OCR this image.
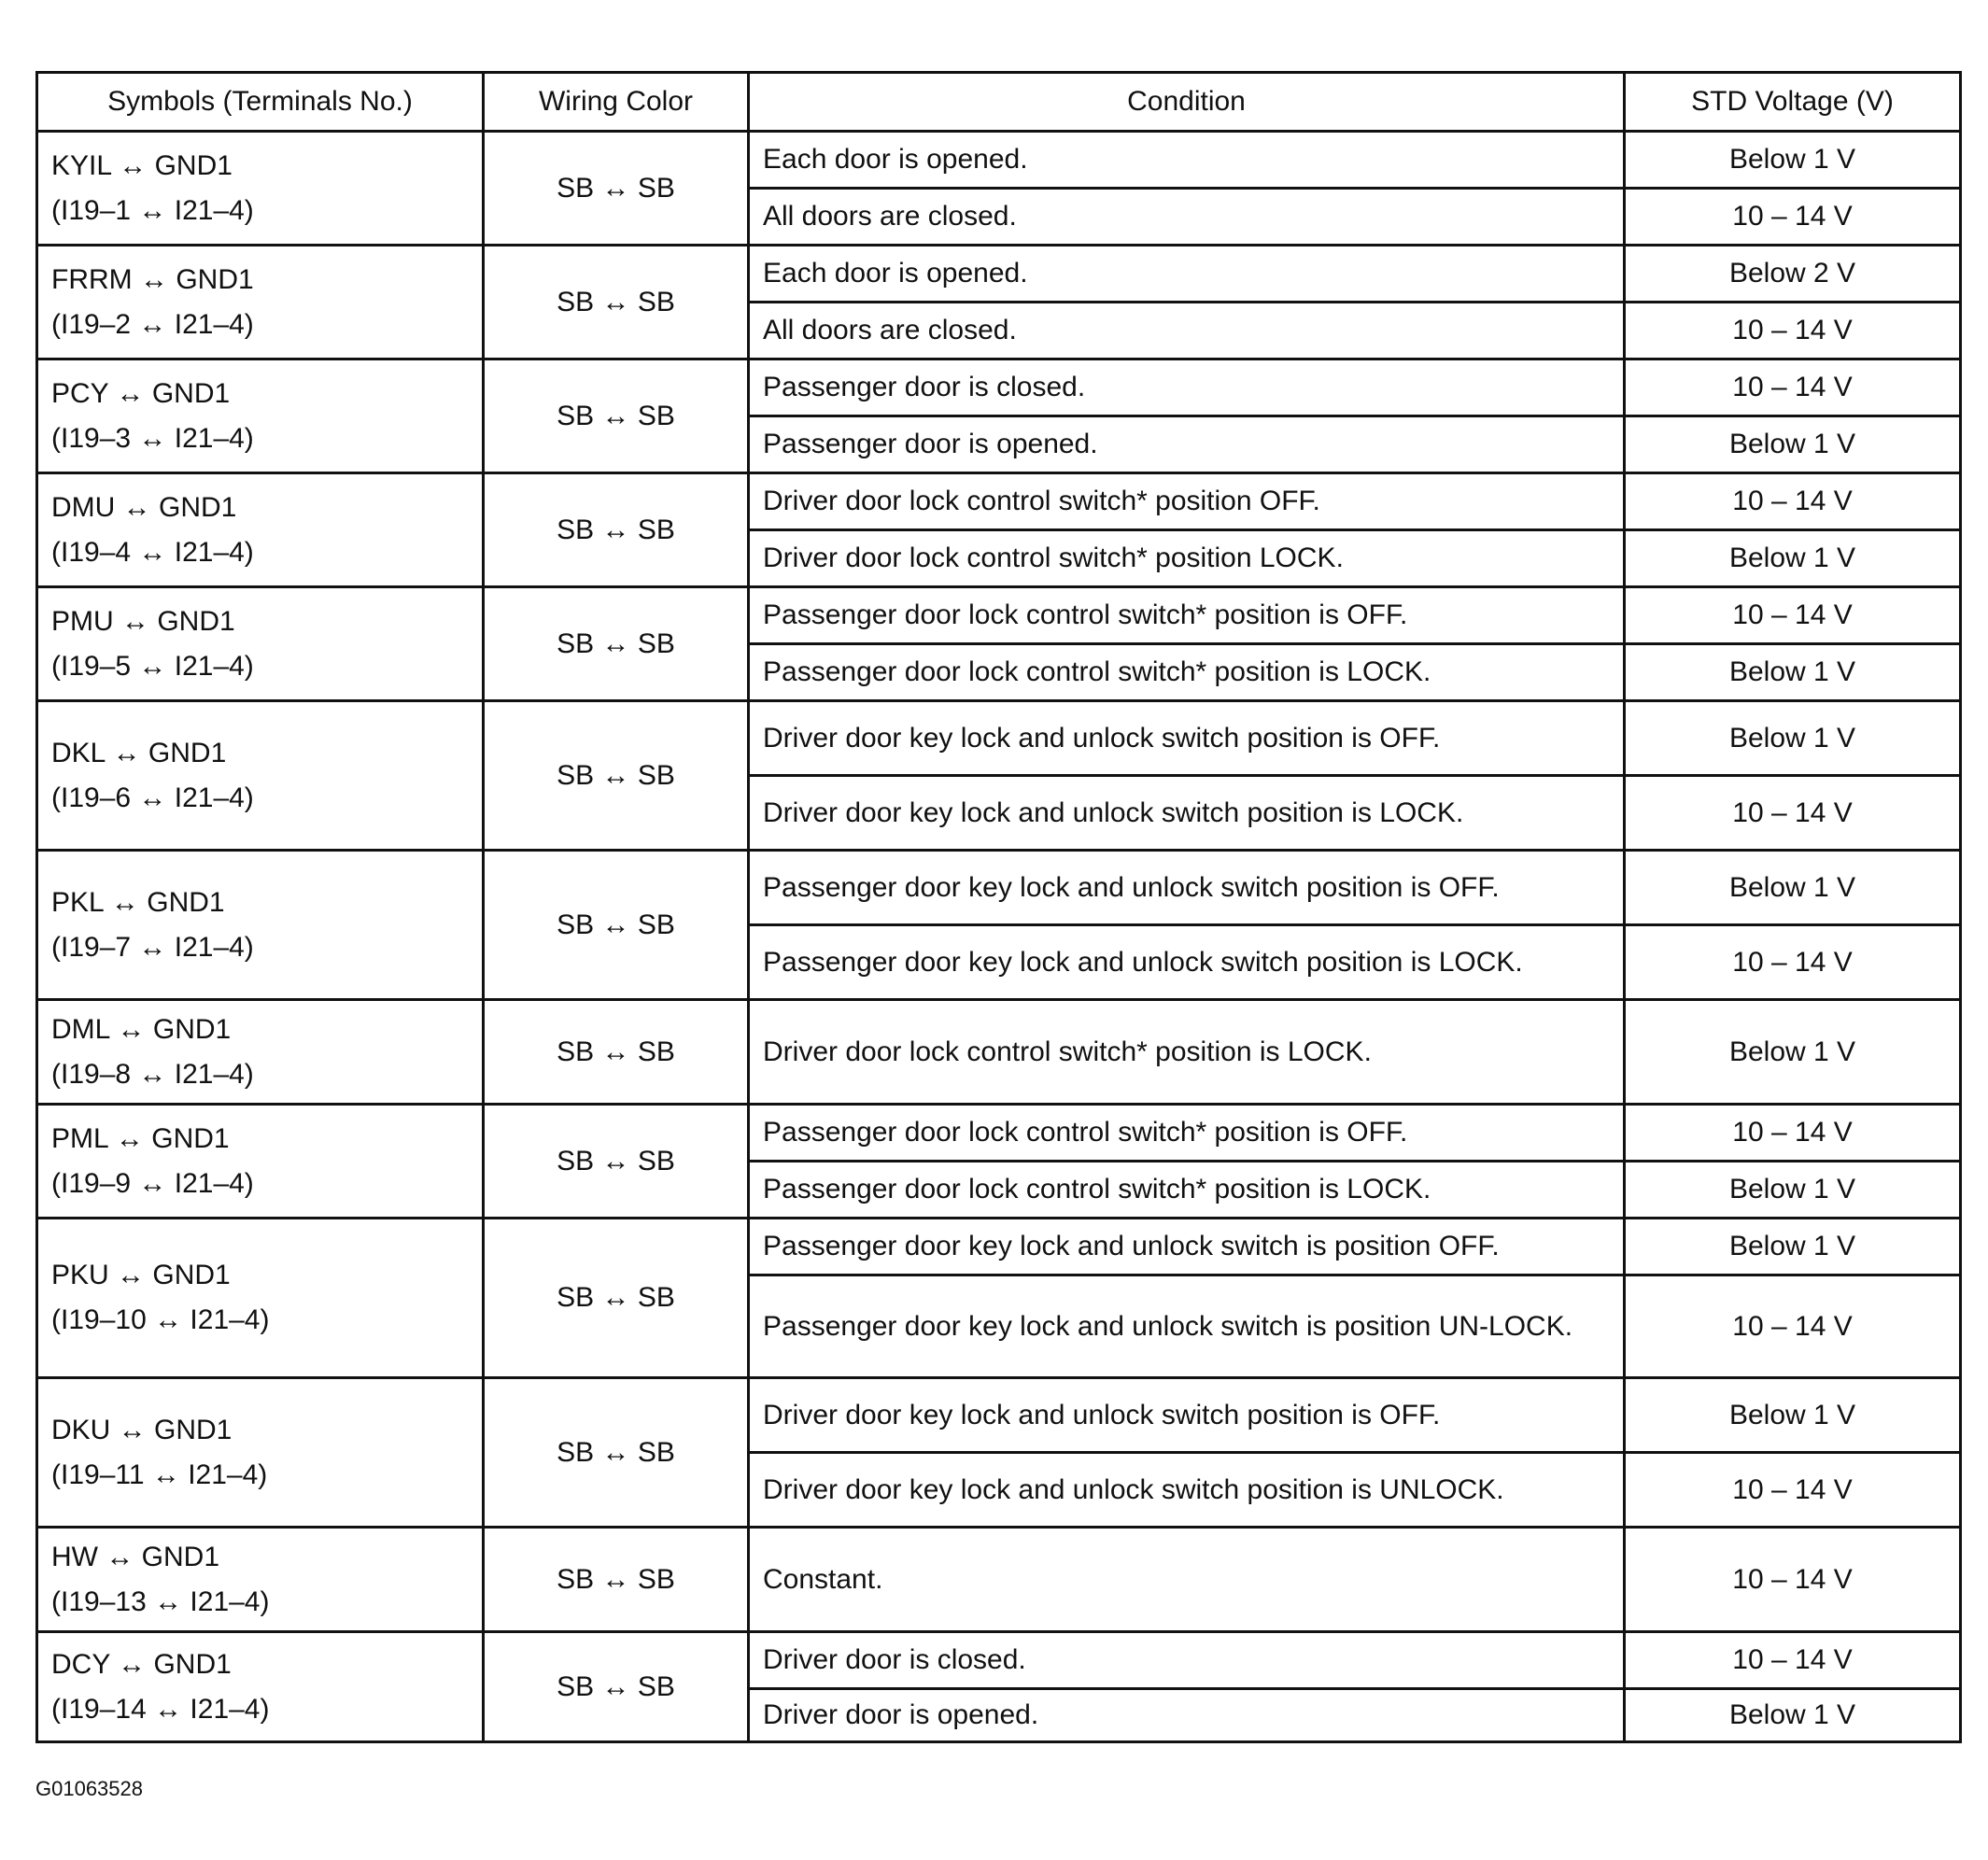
Symbols (Terminals No.)	Wiring Color	Condition	STD Voltage (V)

KYIL ↔ GND1
(I19–1 ↔ I21–4)	SB ↔ SB	Each door is opened.	Below 1 V
		All doors are closed.	10 – 14 V

FRRM ↔ GND1
(I19–2 ↔ I21–4)	SB ↔ SB	Each door is opened.	Below 2 V
		All doors are closed.	10 – 14 V

PCY ↔ GND1
(I19–3 ↔ I21–4)	SB ↔ SB	Passenger door is closed.	10 – 14 V
		Passenger door is opened.	Below 1 V

DMU ↔ GND1
(I19–4 ↔ I21–4)	SB ↔ SB	Driver door lock control switch* position OFF.	10 – 14 V
		Driver door lock control switch* position LOCK.	Below 1 V

PMU ↔ GND1
(I19–5 ↔ I21–4)	SB ↔ SB	Passenger door lock control switch* position is OFF.	10 – 14 V
		Passenger door lock control switch* position is LOCK.	Below 1 V

DKL ↔ GND1
(I19–6 ↔ I21–4)	SB ↔ SB	Driver door key lock and unlock switch position is OFF.	Below 1 V
		Driver door key lock and unlock switch position is LOCK.	10 – 14 V

PKL ↔ GND1
(I19–7 ↔ I21–4)	SB ↔ SB	Passenger door key lock and unlock switch position is OFF.	Below 1 V
		Passenger door key lock and unlock switch position is LOCK.	10 – 14 V

DML ↔ GND1
(I19–8 ↔ I21–4)	SB ↔ SB	Driver door lock control switch* position is LOCK.	Below 1 V

PML ↔ GND1
(I19–9 ↔ I21–4)	SB ↔ SB	Passenger door lock control switch* position is OFF.	10 – 14 V
		Passenger door lock control switch* position is LOCK.	Below 1 V

PKU ↔ GND1
(I19–10 ↔ I21–4)	SB ↔ SB	Passenger door key lock and unlock switch is position OFF.	Below 1 V
		Passenger door key lock and unlock switch is position UN-LOCK.	10 – 14 V

DKU ↔ GND1
(I19–11 ↔ I21–4)	SB ↔ SB	Driver door key lock and unlock switch position is OFF.	Below 1 V
		Driver door key lock and unlock switch position is UNLOCK.	10 – 14 V

HW ↔ GND1
(I19–13 ↔ I21–4)	SB ↔ SB	Constant.	10 – 14 V

DCY ↔ GND1
(I19–14 ↔ I21–4)	SB ↔ SB	Driver door is closed.	10 – 14 V
		Driver door is opened.	Below 1 V
G01063528
